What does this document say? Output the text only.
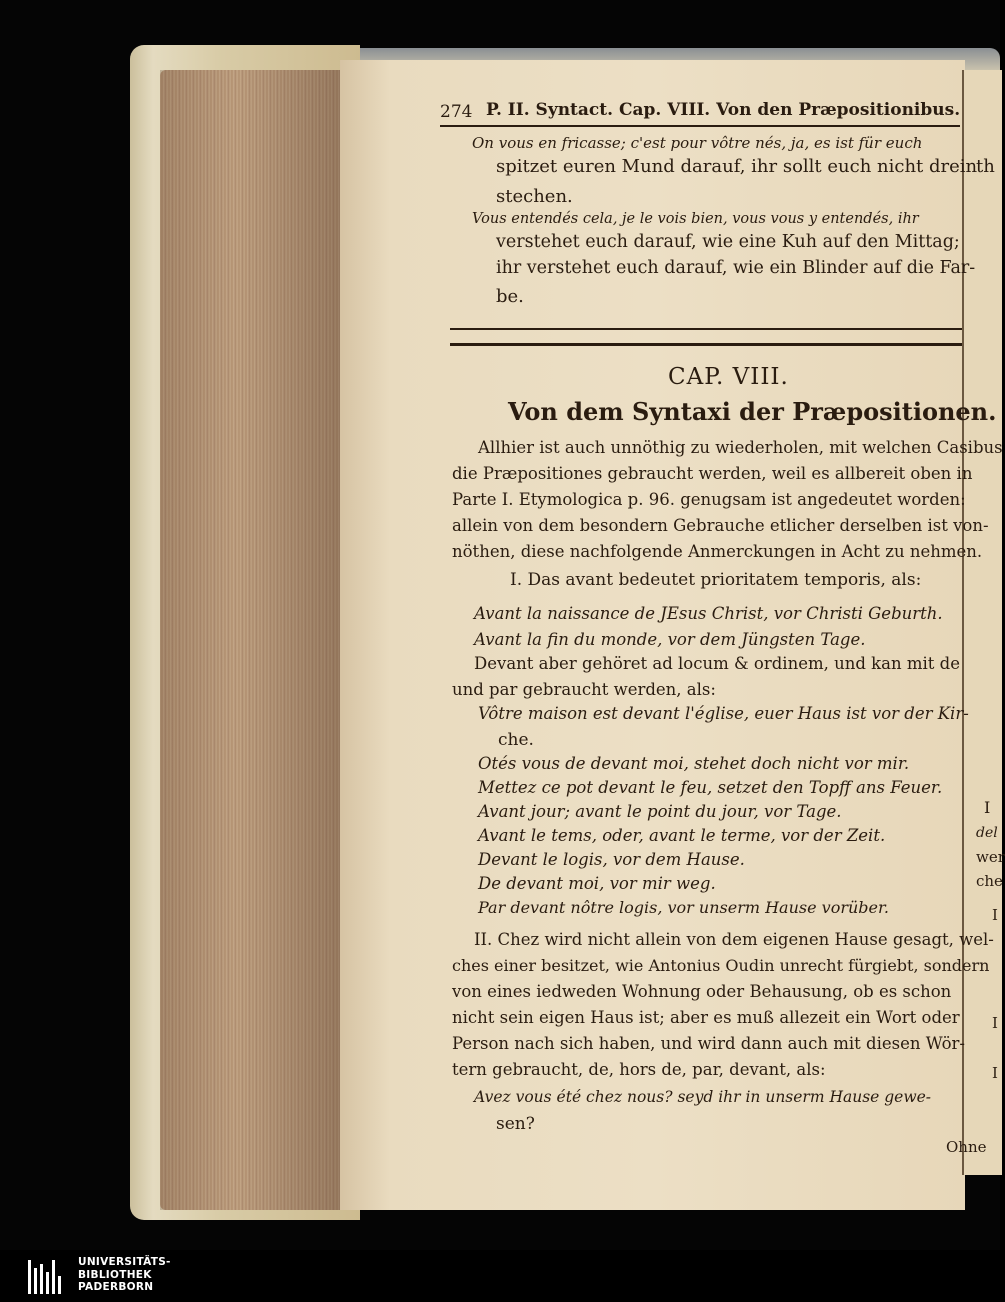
274 P. II. Syntact. Cap. VIII. Von den Præpositionibus.
On vous en fricasse; c'est pour vôtre nés, ja, es ist für euch
spitzet euren Mund darauf, ihr sollt euch nicht drein
stechen.
Vous entendés cela, je le vois bien, vous vous y entendés, ihr
verstehet euch darauf, wie eine Kuh auf den Mittag;
ihr verstehet euch darauf, wie ein Blinder auf die Far-
be.
CAP. VIII.
Von dem Syntaxi der Præpositionen.
Allhier ist auch unnöthig zu wiederholen, mit welchen Casibus
die Præpositiones gebraucht werden, weil es allbereit oben in
Parte I. Etymologica p. 96. genugsam ist angedeutet worden:
allein von dem besondern Gebrauche etlicher derselben ist von-
nöthen, diese nachfolgende Anmerckungen in Acht zu nehmen.
I. Das avant bedeutet prioritatem temporis, als:
Avant la naissance de JEsus Christ, vor Christi Geburth.
Avant la fin du monde, vor dem Jüngsten Tage.
Devant aber gehöret ad locum & ordinem, und kan mit de
und par gebraucht werden, als:
Vôtre maison est devant l'église, euer Haus ist vor der Kir-
che.
Otés vous de devant moi, stehet doch nicht vor mir.
Mettez ce pot devant le feu, setzet den Topff ans Feuer.
Avant jour; avant le point du jour, vor Tage.
Avant le tems, oder, avant le terme, vor der Zeit.
Devant le logis, vor dem Hause.
De devant moi, vor mir weg.
Par devant nôtre logis, vor unserm Hause vorüber.
II. Chez wird nicht allein von dem eigenen Hause gesagt, wel-
ches einer besitzet, wie Antonius Oudin unrecht fürgiebt, sondern
von eines iedweden Wohnung oder Behausung, ob es schon
nicht sein eigen Haus ist; aber es muß allezeit ein Wort oder
Person nach sich haben, und wird dann auch mit diesen Wör-
tern gebraucht, de, hors de, par, devant, als:
Avez vous été chez nous? seyd ihr in unserm Hause gewe-
sen?
Ohne
th
I
del
wer
che
I
I
I
UNIVERSITÄTS-
BIBLIOTHEK
PADERBORN
